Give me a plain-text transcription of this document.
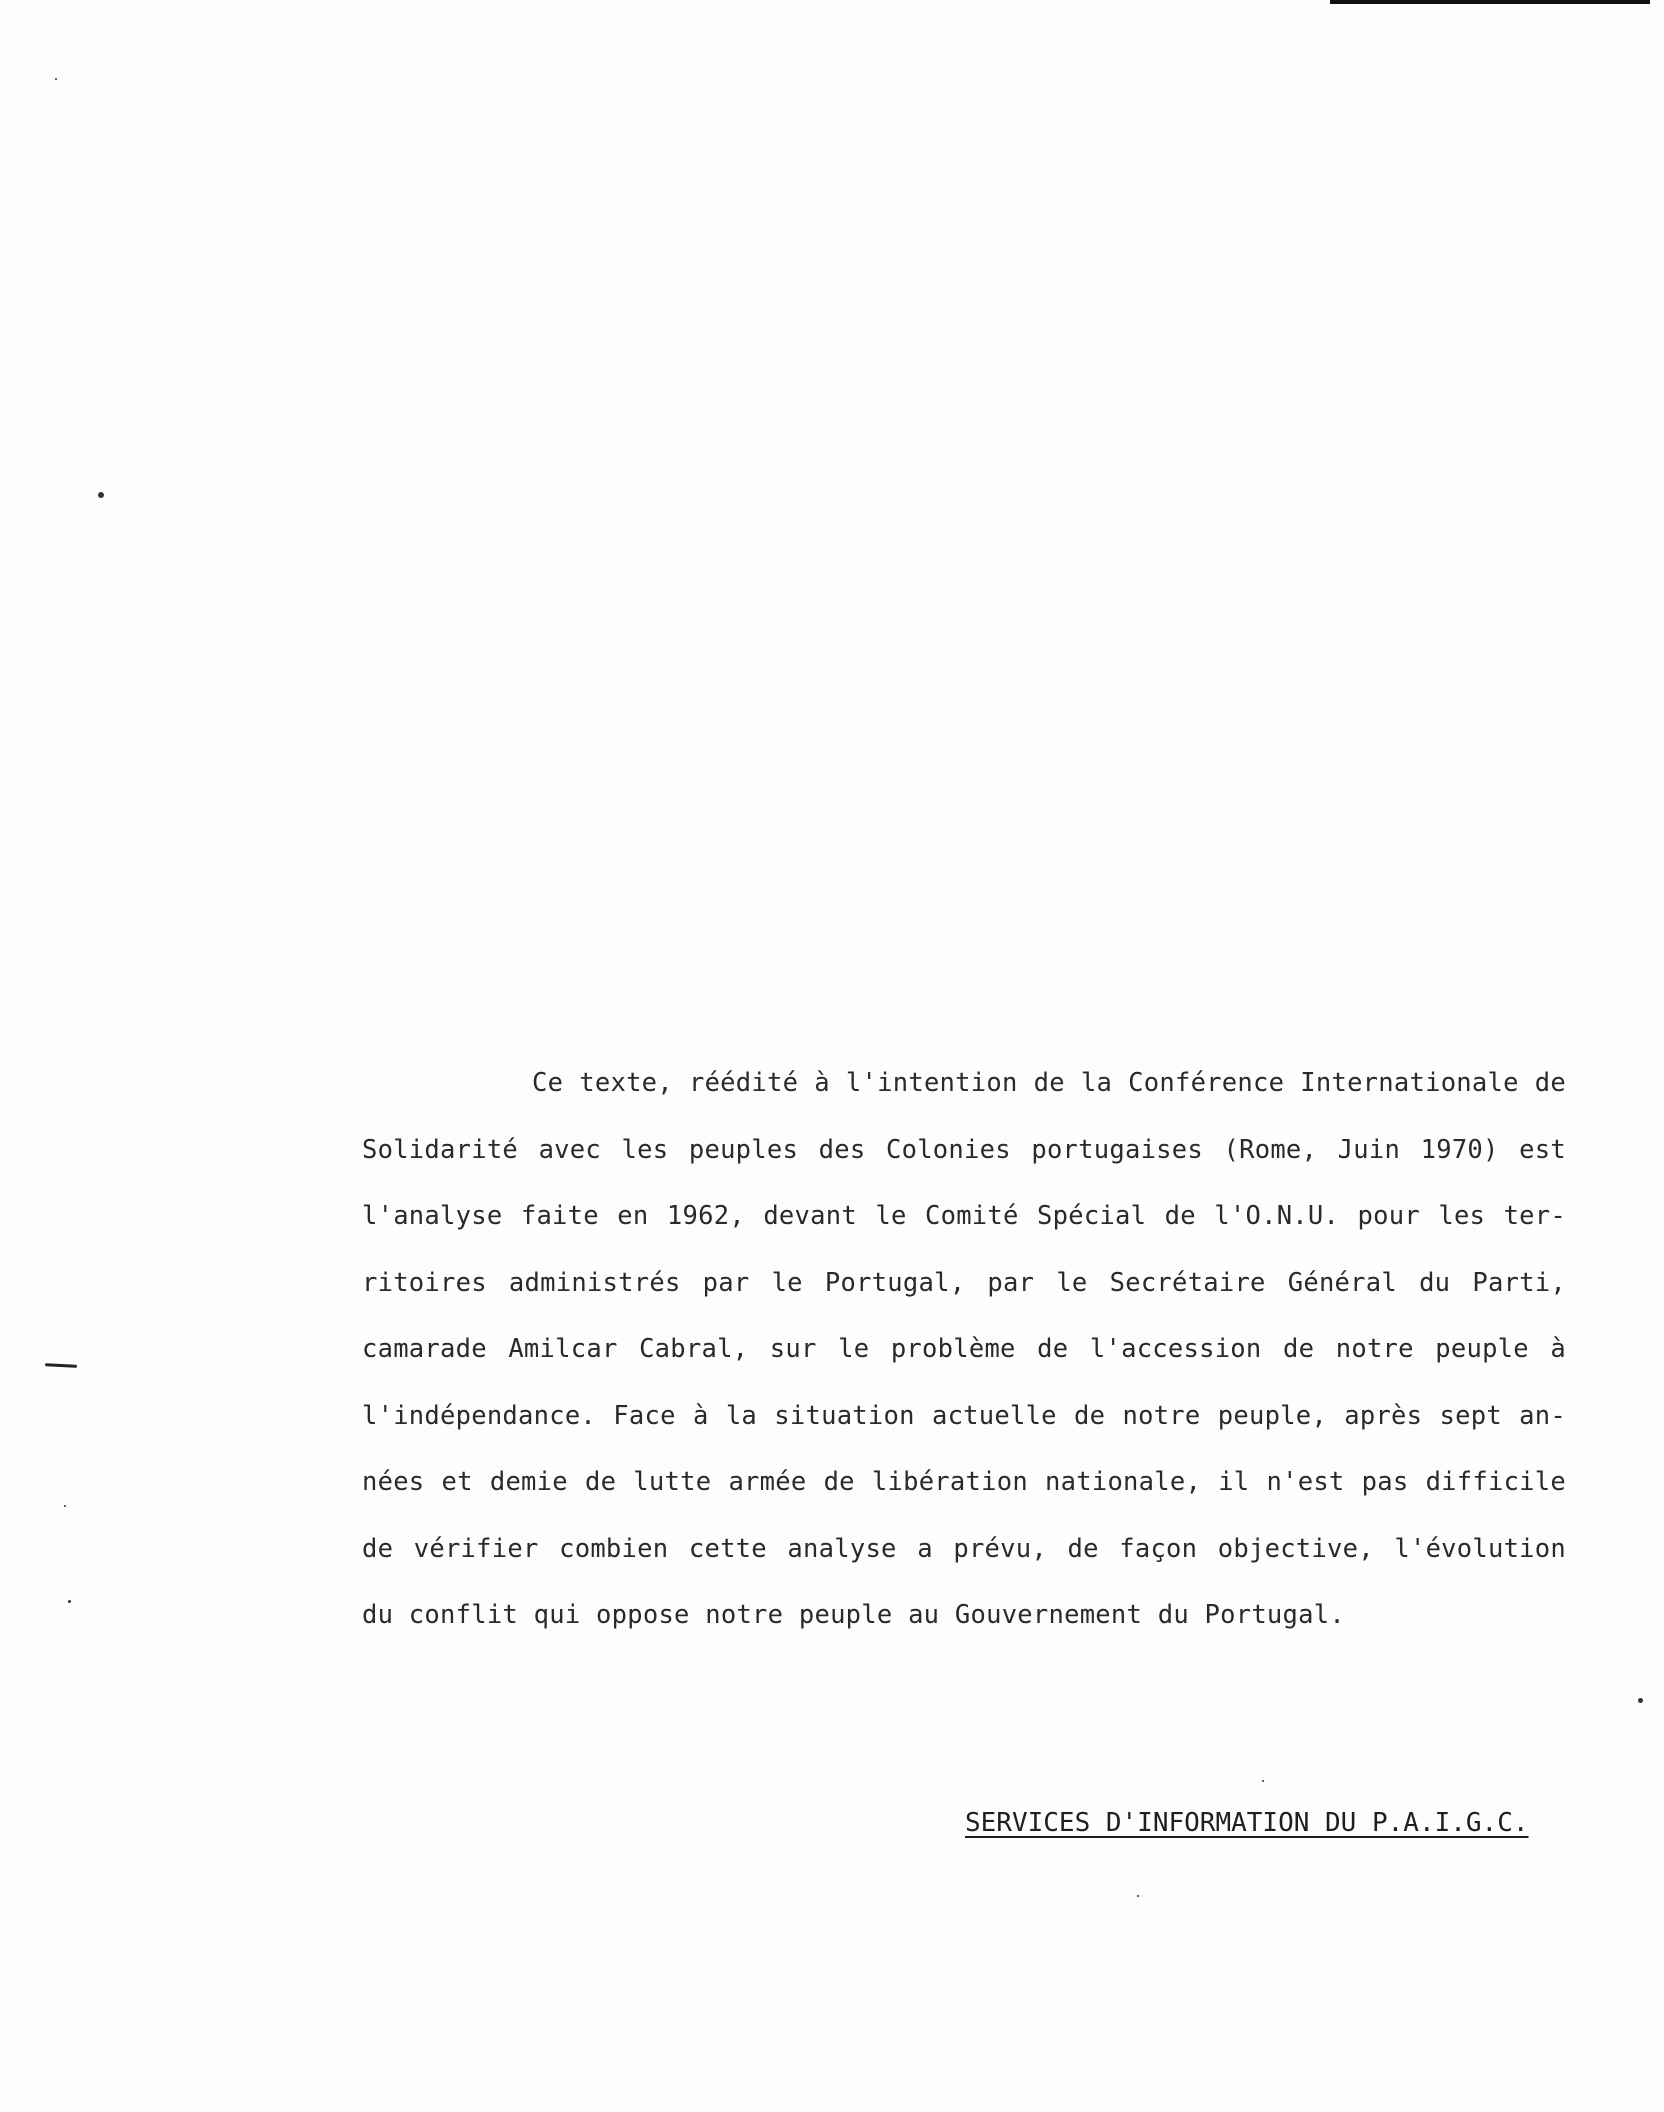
Ce texte, réédité à l'intention de la Conférence Internationale de
Solidarité avec les peuples des Colonies portugaises (Rome, Juin 1970) est
l'analyse faite en 1962, devant le Comité Spécial de l'O.N.U. pour les ter-
ritoires administrés par le Portugal, par le Secrétaire Général du Parti,
camarade Amilcar Cabral, sur le problème de l'accession de notre peuple à
l'indépendance. Face à la situation actuelle de notre peuple, après sept an-
nées et demie de lutte armée de libération nationale, il n'est pas difficile
de vérifier combien cette analyse a prévu, de façon objective, l'évolution
du conflit qui oppose notre peuple au Gouvernement du Portugal.
SERVICES D'INFORMATION DU P.A.I.G.C.
